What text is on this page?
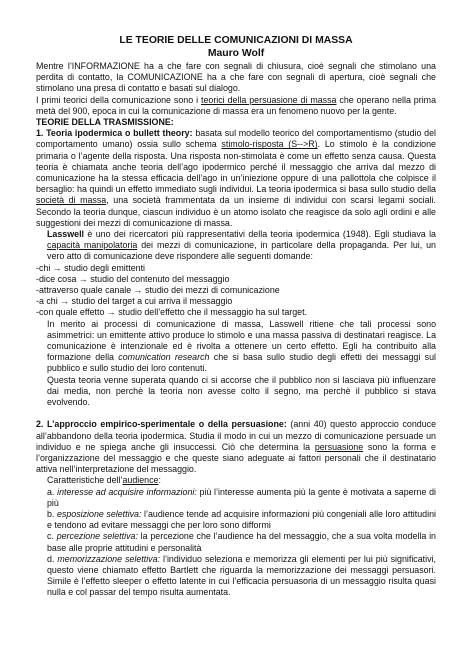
LE TEORIE DELLE COMUNICAZIONI DI MASSA

Mauro Wolf

Mentre l’INFORMAZIONE ha a che fare con segnali di chiusura, cioè segnali che stimolano una perdita di contatto, la COMUNICAZIONE ha a che fare con segnali di apertura, cioè segnali che stimolano una presa di contatto e basati sul dialogo.

I primi teorici della comunicazione sono i teorici della persuasione di massa che operano nella prima metà del 900, epoca in cui la comunicazione di massa era un fenomeno nuovo per la gente.

TEORIE DELLA TRASMISSIONE:

1. Teoria ipodermica o bullett theory: basata sul modello teorico del comportamentismo (studio del comportamento umano) ossia sullo schema stimolo-risposta (S-->R). Lo stimolo è la condizione primaria o l’agente della risposta. Una risposta non-stimolata è come un effetto senza causa. Questa teoria è chiamata anche teoria dell’ago ipodermico perché il messaggio che arriva dal mezzo di comunicazione ha la stessa efficacia dell’ago in un’iniezione oppure di una pallottola che colpisce il bersaglio: ha quindi un effetto immediato sugli individui. La teoria ipodermica si basa sullo studio della società di massa, una società frammentata da un insieme di individui con scarsi legami sociali. Secondo la teoria dunque, ciascun individuo è un atomo isolato che reagisce da solo agli ordini e alle suggestioni dei mezzi di comunicazione di massa.

Lasswell è uno dei ricercatori più rappresentativi della teoria ipodermica (1948). Egli studiava la capacità manipolatoria dei mezzi di comunicazione, in particolare della propaganda. Per lui, un vero atto di comunicazione deve rispondere alle seguenti domande:

-chi → studio degli emittenti
-dice cosa → studio del contenuto del messaggio
-attraverso quale canale → studio dei mezzi di comunicazione
-a chi → studio del target a cui arriva il messaggio
-con quale effetto → studio dell’effetto che il messaggio ha sul target.

In merito ai processi di comunicazione di massa, Lasswell ritiene che tali processi sono asimmetrici: un emittente attivo produce lo stimolo e una massa passiva di destinatari reagisce. La comunicazione è intenzionale ed è rivolta a ottenere un certo effetto. Egli ha contribuito alla formazione della comunication research che si basa sullo studio degli effetti dei messaggi sul pubblico e sullo studio dei loro contenuti.

Questa teoria venne superata quando ci si accorse che il pubblico non si lasciava più influenzare dai media, non perchè la teoria non avesse colto il segno, ma perchè il pubblico si stava evolvendo.

2. L’approccio empirico-sperimentale o della persuasione: (anni 40) questo approccio conduce all’abbandono della teoria ipodermica. Studia il modo in cui un mezzo di comunicazione persuade un individuo e ne spiega anche gli insuccessi. Ciò che determina la persuasione sono la forma e l’organizzazione del messaggio e che queste siano adeguate ai fattori personali che il destinatario attiva nell’interpretazione del messaggio.

Caratteristiche dell’audience:

a. interesse ad acquisire informazioni: più l’interesse aumenta più la gente è motivata a saperne di più

b. esposizione selettiva: l’audience tende ad acquisire informazioni più congeniali alle loro attitudini e tendono ad evitare messaggi che per loro sono difformi

c. percezione selettiva: la percezione che l’audience ha del messaggio, che a sua volta modella in base alle proprie attitudini e personalità

d. memorizzazione selettiva: l’individuo seleziona e memorizza gli elementi per lui più significativi, questo viene chiamato effetto Bartlett che riguarda la memorizzazione dei messaggi persuasori. Simile è l’effetto sleeper o effetto latente in cui l’efficacia persuasoria di un messaggio risulta quasi nulla e col passar del tempo risulta aumentata.
